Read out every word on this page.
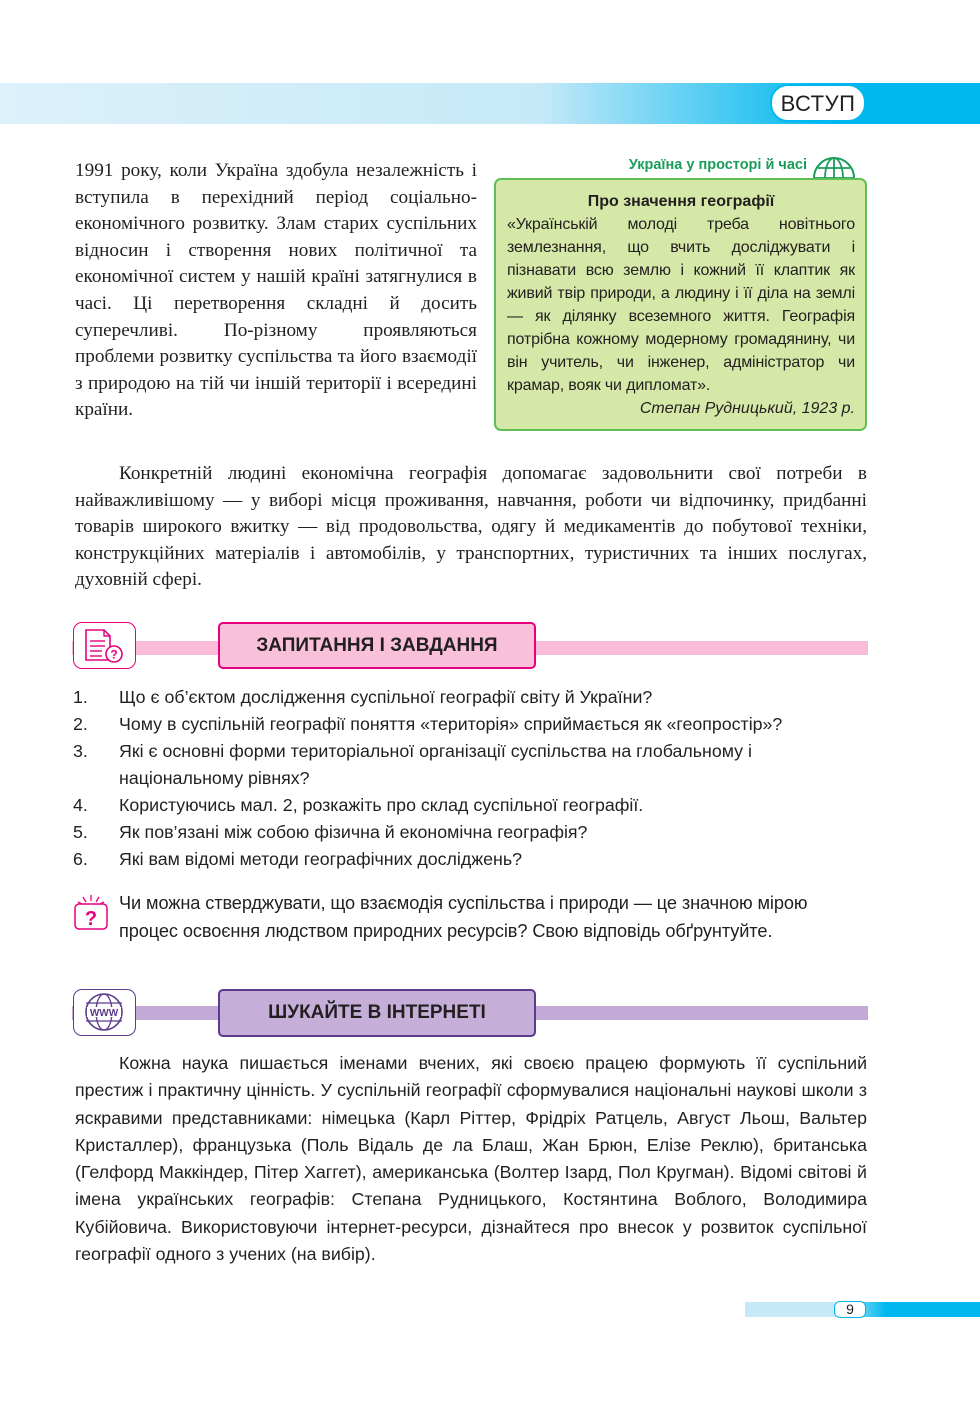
ВСТУП

1991 року, коли Україна здобула незалежність і вступила в перехідний період соціально-економічного розвитку. Злам старих суспільних відносин і створення нових політичної та економічної систем у нашій країні затягнулися в часі. Ці перетворення складні й досить суперечливі. По-різному проявляються проблеми розвитку суспільства та його взаємодії з природою на тій чи іншій території і всередині країни.

Україна у просторі й часі

Про значення географії

«Українській молоді треба новітнього землезнання, що вчить досліджувати і пізнавати всю землю і кожний її клаптик як живий твір природи, а людину і її діла на землі — як ділянку всеземного життя. Географія потрібна кожному модерному громадянину, чи він учитель, чи інженер, адміністратор чи крамар, вояк чи дипломат».

Степан Рудницький, 1923 р.

Конкретній людині економічна географія допомагає задовольнити свої потреби в найважливішому — у виборі місця проживання, навчання, роботи чи відпочинку, придбанні товарів широкого вжитку — від продовольства, одягу й медикаментів до побутової техніки, конструкційних матеріалів і автомобілів, у транспортних, туристичних та інших послугах, духовній сфері.

?	ЗАПИТАННЯ І ЗАВДАННЯ
1. Що є об’єктом дослідження суспільної географії світу й України?
2. Чому в суспільній географії поняття «територія» сприймається як «геопростір»?
3. Які є основні форми територіальної організації суспільства на глобальному і національному рівнях?
4. Користуючись мал. 2, розкажіть про склад суспільної географії.
5. Як пов’язані між собою фізична й економічна географія?
6. Які вам відомі методи географічних досліджень?
?

Чи можна стверджувати, що взаємодія суспільства і природи — це значною мірою процес освоєння людством природних ресурсів? Свою відповідь обґрунтуйте.

WWW	ШУКАЙТЕ В ІНТЕРНЕТІ

Кожна наука пишається іменами вчених, які своєю працею формують її суспільний престиж і практичну цінність. У суспільній географії сформувалися національні наукові школи з яскравими представниками: німецька (Карл Ріттер, Фрідріх Ратцель, Август Льош, Вальтер Кристаллер), французька (Поль Відаль де ла Блаш, Жан Брюн, Елізе Реклю), британська (Гелфорд Маккіндер, Пітер Хаггет), американська (Волтер Ізард, Пол Кругман). Відомі світові й імена українських географів: Степана Рудницького, Костянтина Воблого, Володимира Кубійовича. Використовуючи інтернет-ресурси, дізнайтеся про внесок у розвиток суспільної географії одного з учених (на вибір).

9
